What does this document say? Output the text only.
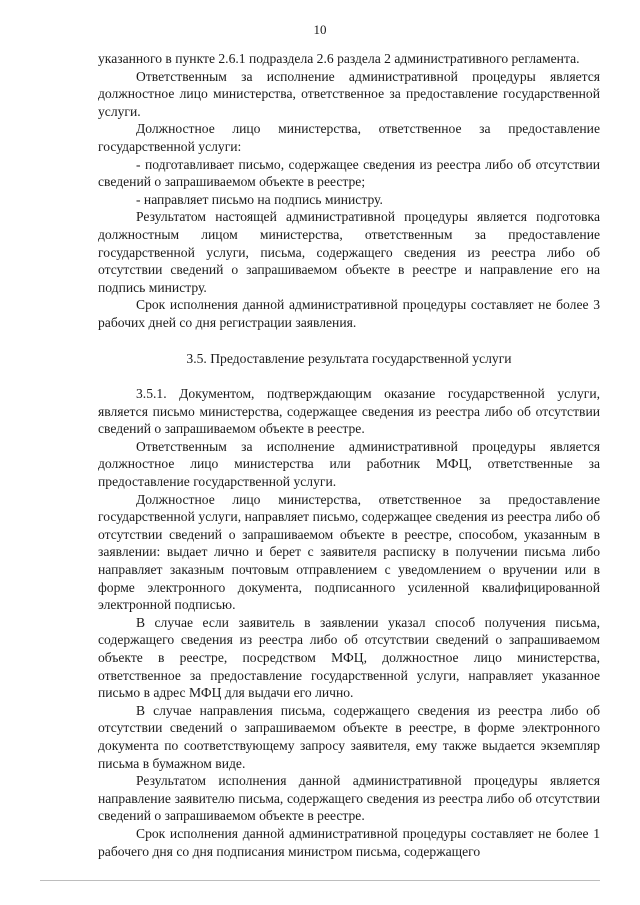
10

указанного в пункте 2.6.1 подраздела 2.6 раздела 2 административного регламента.

Ответственным за исполнение административной процедуры является должностное лицо министерства, ответственное за предоставление государственной услуги.

Должностное лицо министерства, ответственное за предоставление государственной услуги:

- подготавливает письмо, содержащее сведения из реестра либо об отсутствии сведений о запрашиваемом объекте в реестре;

- направляет письмо на подпись министру.

Результатом настоящей административной процедуры является подготовка должностным лицом министерства, ответственным за предоставление государственной услуги, письма, содержащего сведения из реестра либо об отсутствии сведений о запрашиваемом объекте в реестре и направление его на подпись министру.

Срок исполнения данной административной процедуры составляет не более 3 рабочих дней со дня регистрации заявления.

3.5. Предоставление результата государственной услуги

3.5.1. Документом, подтверждающим оказание государственной услуги, является письмо министерства, содержащее сведения из реестра либо об отсутствии сведений о запрашиваемом объекте в реестре.

Ответственным за исполнение административной процедуры является должностное лицо министерства или работник МФЦ, ответственные за предоставление государственной услуги.

Должностное лицо министерства, ответственное за предоставление государственной услуги, направляет письмо, содержащее сведения из реестра либо об отсутствии сведений о запрашиваемом объекте в реестре, способом, указанным в заявлении: выдает лично и берет с заявителя расписку в получении письма либо направляет заказным почтовым отправлением с уведомлением о вручении или в форме электронного документа, подписанного усиленной квалифицированной электронной подписью.

В случае если заявитель в заявлении указал способ получения письма, содержащего сведения из реестра либо об отсутствии сведений о запрашиваемом объекте в реестре, посредством МФЦ, должностное лицо министерства, ответственное за предоставление государственной услуги, направляет указанное письмо в адрес МФЦ для выдачи его лично.

В случае направления письма, содержащего сведения из реестра либо об отсутствии сведений о запрашиваемом объекте в реестре, в форме электронного документа по соответствующему запросу заявителя, ему также выдается экземпляр письма в бумажном виде.

Результатом исполнения данной административной процедуры является направление заявителю письма, содержащего сведения из реестра либо об отсутствии сведений о запрашиваемом объекте в реестре.

Срок исполнения данной административной процедуры составляет не более 1 рабочего дня со дня подписания министром письма, содержащего
